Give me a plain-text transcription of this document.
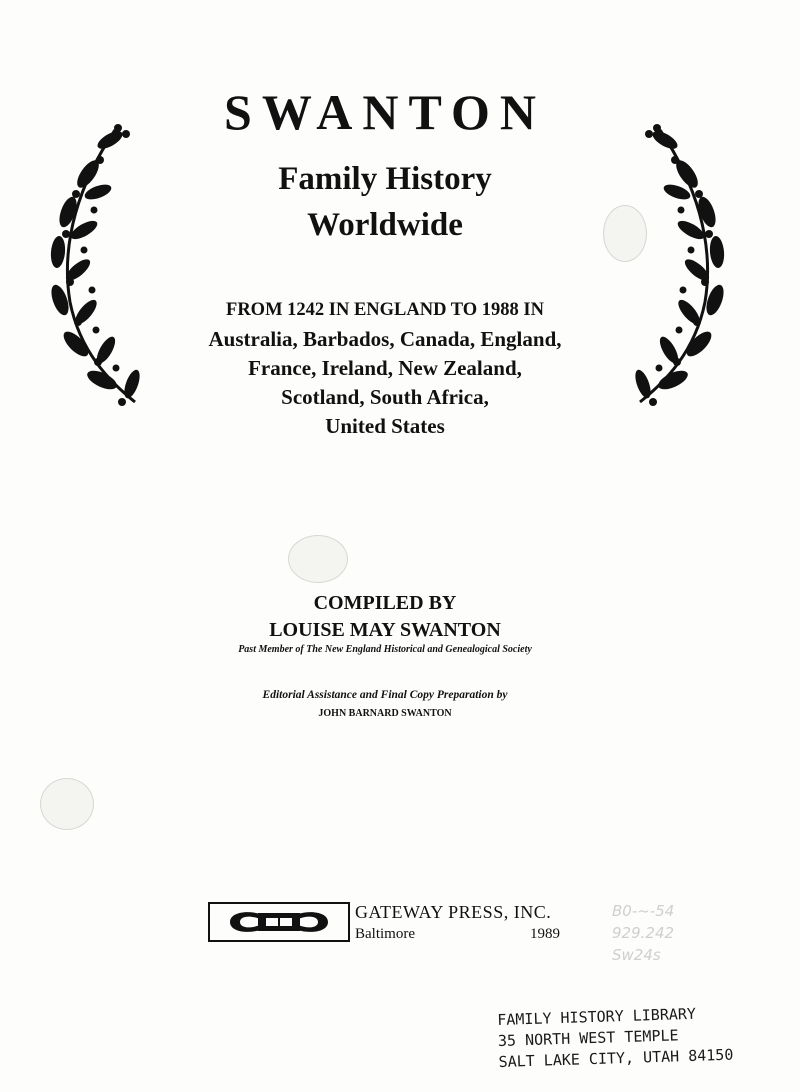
SWANTON
Family History
Worldwide
FROM 1242 IN ENGLAND TO 1988 IN
Australia, Barbados, Canada, England,
France, Ireland, New Zealand,
Scotland, South Africa,
United States
COMPILED BY
LOUISE MAY SWANTON
Past Member of The New England Historical and Genealogical Society
Editorial Assistance and Final Copy Preparation by
JOHN BARNARD SWANTON
GATEWAY PRESS, INC.
Baltimore	1989
B0-~-54
929.242
Sw24s
FAMILY HISTORY LIBRARY
35 NORTH WEST TEMPLE
SALT LAKE CITY, UTAH 84150
